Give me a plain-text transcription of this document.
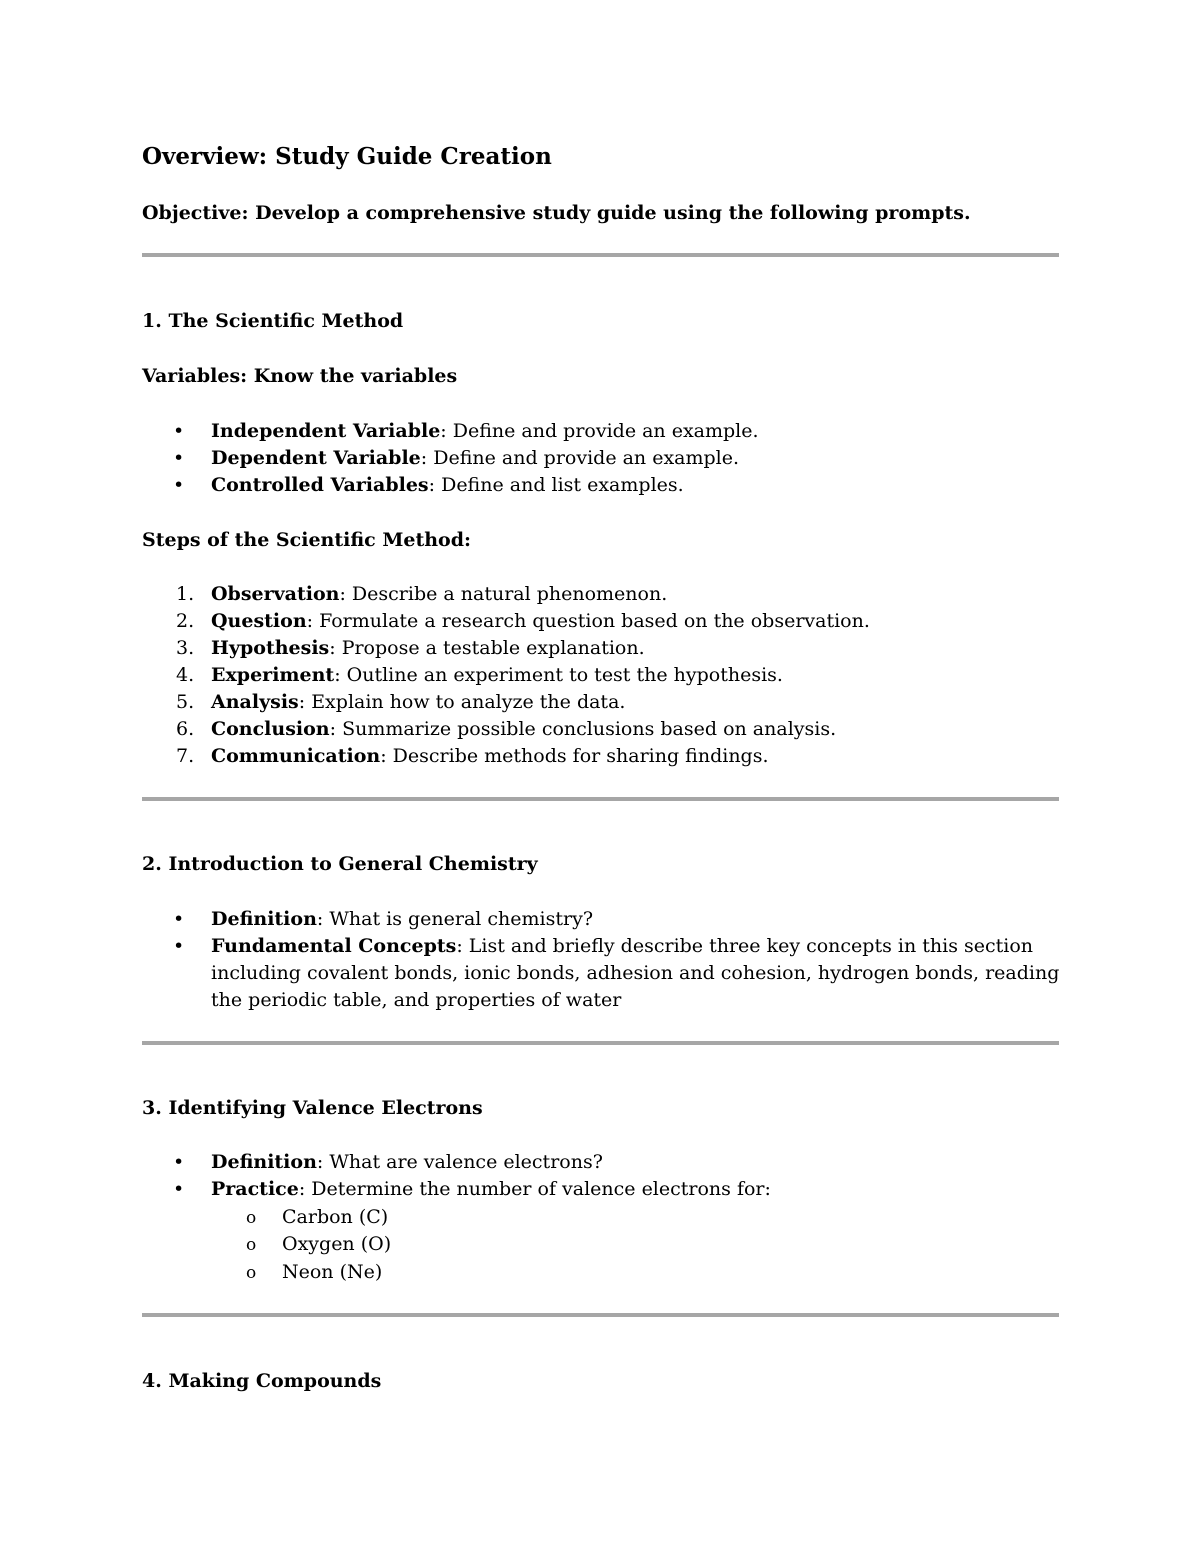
Overview: Study Guide Creation
Objective: Develop a comprehensive study guide using the following prompts.
1. The Scientific Method
Variables: Know the variables
• Independent Variable: Define and provide an example.
• Dependent Variable: Define and provide an example.
• Controlled Variables: Define and list examples.
Steps of the Scientific Method:
1. Observation: Describe a natural phenomenon.
2. Question: Formulate a research question based on the observation.
3. Hypothesis: Propose a testable explanation.
4. Experiment: Outline an experiment to test the hypothesis.
5. Analysis: Explain how to analyze the data.
6. Conclusion: Summarize possible conclusions based on analysis.
7. Communication: Describe methods for sharing findings.
2. Introduction to General Chemistry
• Definition: What is general chemistry?
• Fundamental Concepts: List and briefly describe three key concepts in this section
including covalent bonds, ionic bonds, adhesion and cohesion, hydrogen bonds, reading
the periodic table, and properties of water
3. Identifying Valence Electrons
• Definition: What are valence electrons?
• Practice: Determine the number of valence electrons for:
o Carbon (C)
o Oxygen (O)
o Neon (Ne)
4. Making Compounds
